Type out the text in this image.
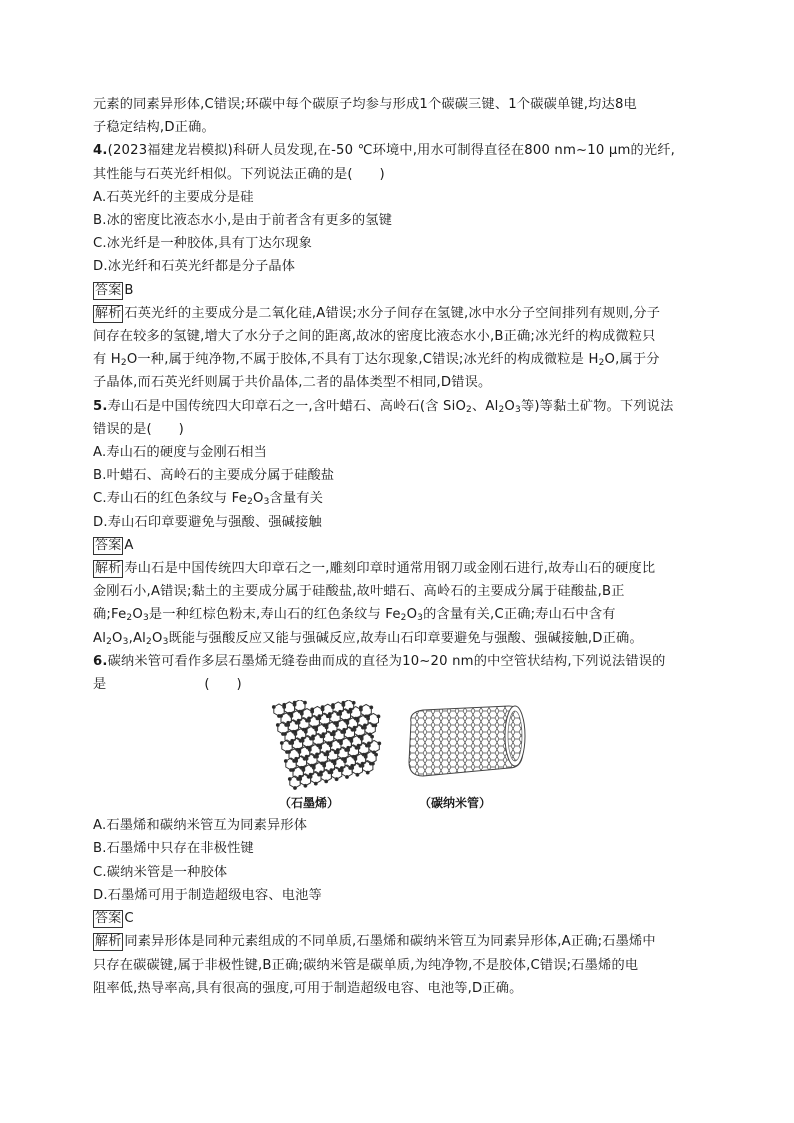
元素的同素异形体,C错误;环碳中每个碳原子均参与形成1个碳碳三键、1个碳碳单键,均达8电

子稳定结构,D正确。

4.(2023福建龙岩模拟)科研人员发现,在-50 ℃环境中,用水可制得直径在800 nm~10 μm的光纤,

其性能与石英光纤相似。下列说法正确的是(　　)

A.石英光纤的主要成分是硅

B.冰的密度比液态水小,是由于前者含有更多的氢键

C.冰光纤是一种胶体,具有丁达尔现象

D.冰光纤和石英光纤都是分子晶体

答案 B

解析 石英光纤的主要成分是二氧化硅,A错误;水分子间存在氢键,冰中水分子空间排列有规则,分子

间存在较多的氢键,增大了水分子之间的距离,故冰的密度比液态水小,B正确;冰光纤的构成微粒只

有 $H_2O$一种,属于纯净物,不属于胶体,不具有丁达尔现象,C错误;冰光纤的构成微粒是 $H_2O$,属于分

子晶体,而石英光纤则属于共价晶体,二者的晶体类型不相同,D错误。

5.寿山石是中国传统四大印章石之一,含叶蜡石、高岭石(含 SiO$_2$、$Al_2O_3$等)等黏土矿物。下列说法

错误的是(　　)

A.寿山石的硬度与金刚石相当

B.叶蜡石、高岭石的主要成分属于硅酸盐

C.寿山石的红色条纹与 $Fe_2O_3$含量有关

D.寿山石印章要避免与强酸、强碱接触

答案 A

解析 寿山石是中国传统四大印章石之一,雕刻印章时通常用钢刀或金刚石进行,故寿山石的硬度比

金刚石小,A错误;黏土的主要成分属于硅酸盐,故叶蜡石、高岭石的主要成分属于硅酸盐,B正

确$;Fe_2O_3$是一种红棕色粉末,寿山石的红色条纹与 $Fe_2O_3$的含量有关,C正确;寿山石中含有

$Al_2O_3,Al_2O_3$既能与强酸反应又能与强碱反应,故寿山石印章要避免与强酸、强碱接触,D正确。

6.碳纳米管可看作多层石墨烯无缝卷曲而成的直径为10~20 nm的中空管状结构,下列说法错误的

是	(　　)

（石墨烯）	（碳纳米管）

A.石墨烯和碳纳米管互为同素异形体

B.石墨烯中只存在非极性键

C.碳纳米管是一种胶体

D.石墨烯可用于制造超级电容、电池等

答案 C

解析 同素异形体是同种元素组成的不同单质,石墨烯和碳纳米管互为同素异形体,A正确;石墨烯中

只存在碳碳键,属于非极性键,B正确;碳纳米管是碳单质,为纯净物,不是胶体,C错误;石墨烯的电

阻率低,热导率高,具有很高的强度,可用于制造超级电容、电池等,D正确。
